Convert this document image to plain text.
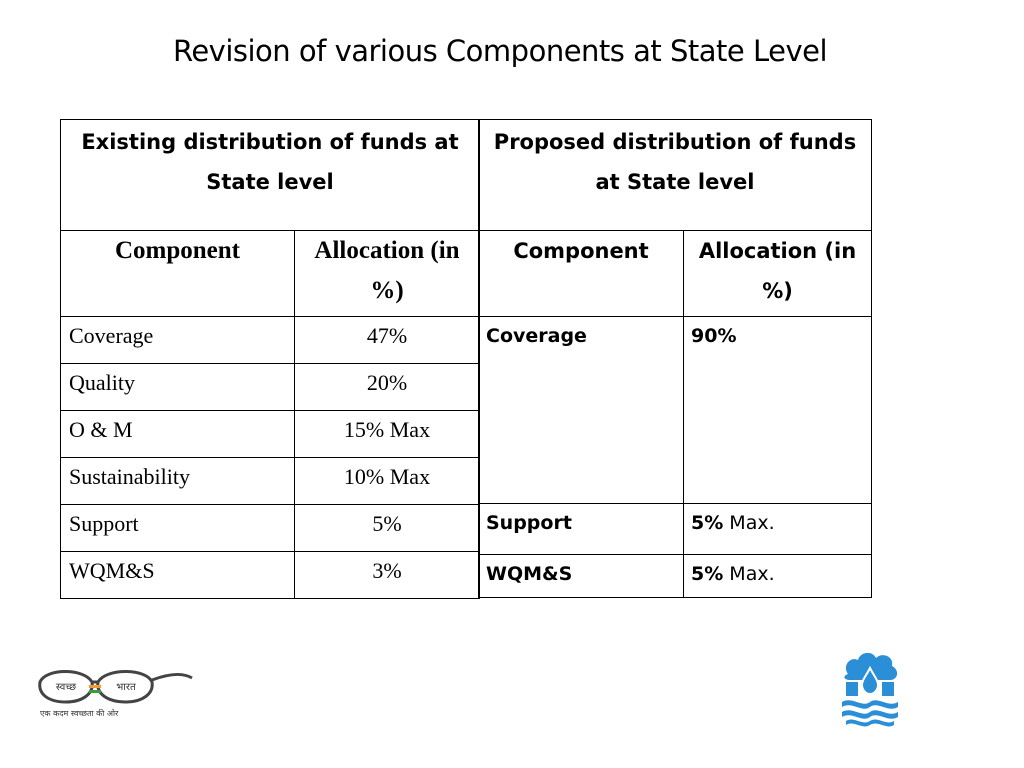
Revision of various Components at State Level
Existing distribution of funds at State level	
Component	Allocation (in %)
Coverage	47%
Quality	20%
O & M	15% Max
Sustainability	10% Max
Support	5%
WQM&S	3%
Proposed distribution of funds at State level	
Component	Allocation (in %)
Coverage	90%
Support	5% Max.
WQM&S	5% Max.
स्वच्छ	भारत
एक कदम स्वच्छता की ओर
